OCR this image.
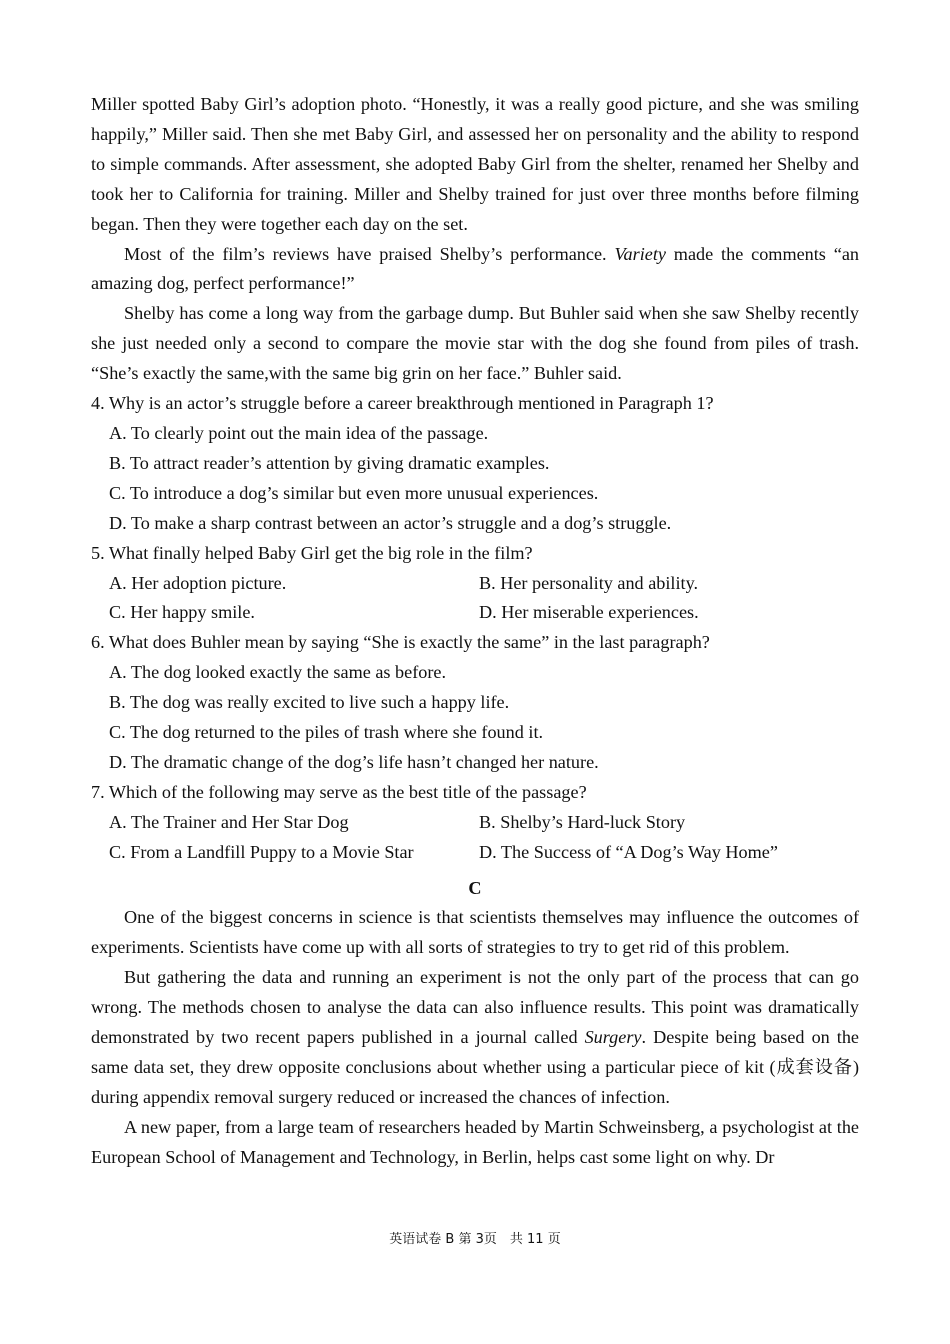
Miller spotted Baby Girl’s adoption photo. “Honestly, it was a really good picture, and she was smiling happily,” Miller said. Then she met Baby Girl, and assessed her on personality and the ability to respond to simple commands. After assessment, she adopted Baby Girl from the shelter, renamed her Shelby and took her to California for training. Miller and Shelby trained for just over three months before filming began. Then they were together each day on the set.

Most of the film’s reviews have praised Shelby’s performance. Variety made the comments “an amazing dog, perfect performance!”

Shelby has come a long way from the garbage dump. But Buhler said when she saw Shelby recently she just needed only a second to compare the movie star with the dog she found from piles of trash. “She’s exactly the same,with the same big grin on her face.” Buhler said.

4. Why is an actor’s struggle before a career breakthrough mentioned in Paragraph 1?

A. To clearly point out the main idea of the passage.

B. To attract reader’s attention by giving dramatic examples.

C. To introduce a dog’s similar but even more unusual experiences.

D. To make a sharp contrast between an actor’s struggle and a dog’s struggle.

5. What finally helped Baby Girl get the big role in the film?

A. Her adoption picture.	B. Her personality and ability.
C. Her happy smile.	D. Her miserable experiences.

6. What does Buhler mean by saying “She is exactly the same” in the last paragraph?

A. The dog looked exactly the same as before.

B. The dog was really excited to live such a happy life.

C. The dog returned to the piles of trash where she found it.

D. The dramatic change of the dog’s life hasn’t changed her nature.

7. Which of the following may serve as the best title of the passage?

A. The Trainer and Her Star Dog	B. Shelby’s Hard-luck Story
C. From a Landfill Puppy to a Movie Star	D. The Success of “A Dog’s Way Home”

C

One of the biggest concerns in science is that scientists themselves may influence the outcomes of experiments. Scientists have come up with all sorts of strategies to try to get rid of this problem.

But gathering the data and running an experiment is not the only part of the process that can go wrong. The methods chosen to analyse the data can also influence results. This point was dramatically demonstrated by two recent papers published in a journal called Surgery. Despite being based on the same data set, they drew opposite conclusions about whether using a particular piece of kit (成套设备) during appendix removal surgery reduced or increased the chances of infection.

A new paper, from a large team of researchers headed by Martin Schweinsberg, a psychologist at the European School of Management and Technology, in Berlin, helps cast some light on why. Dr

英语试卷 B 第 3页　共 11 页
